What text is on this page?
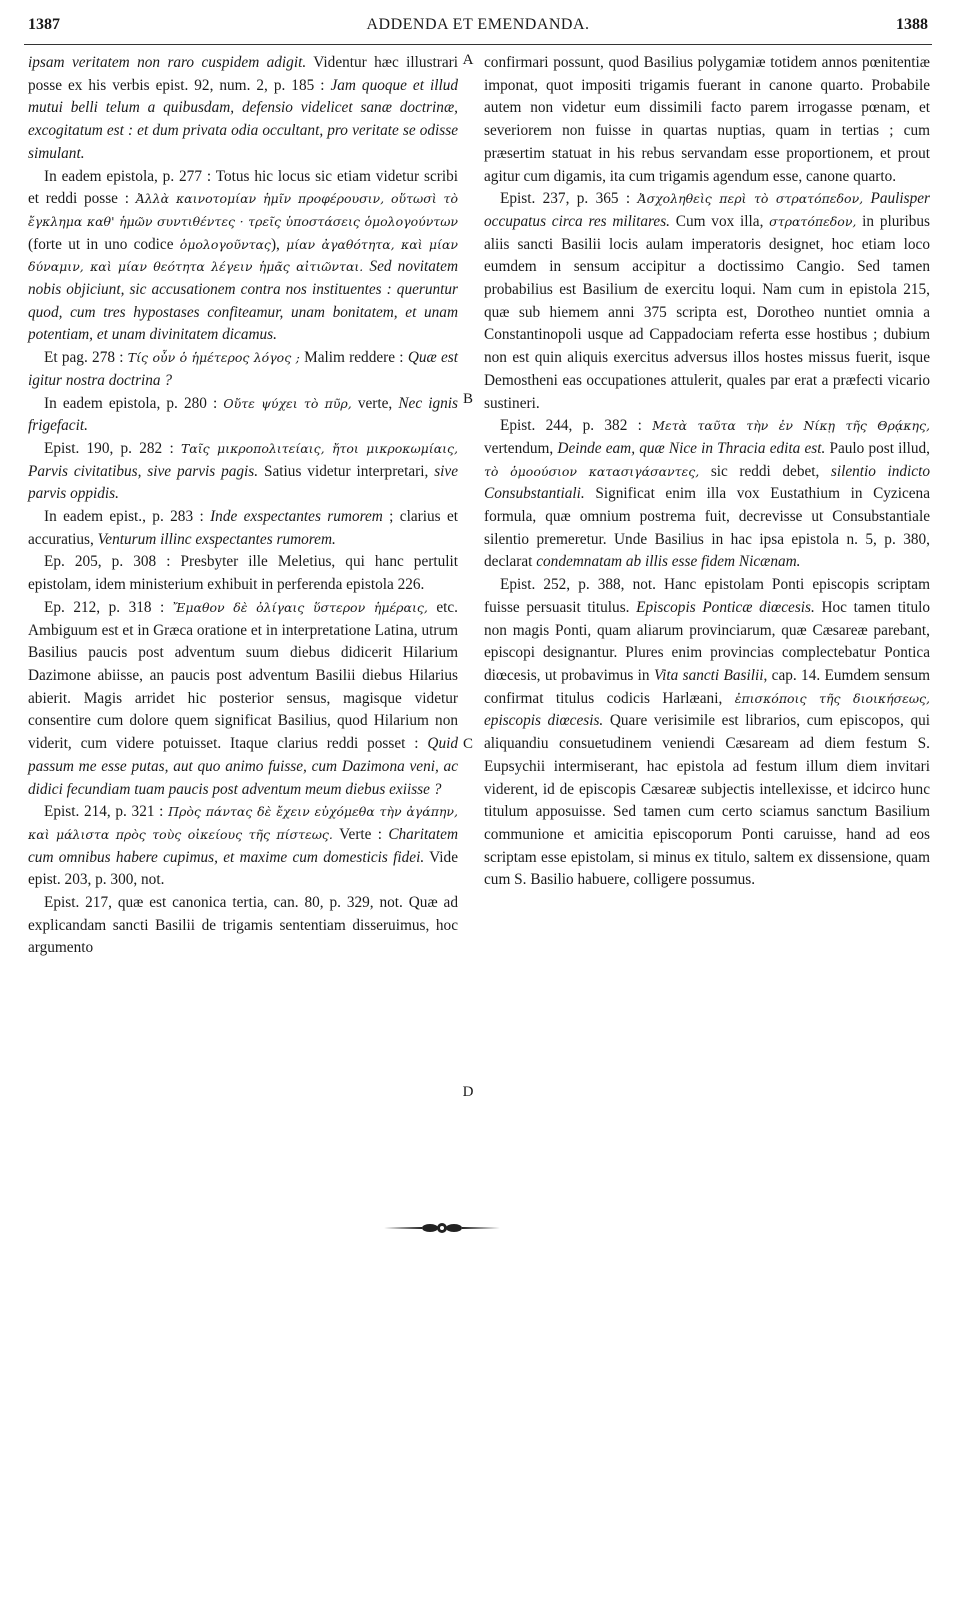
1387	ADDENDA ET EMENDANDA.	1388
A
B
C
D

ipsam veritatem non raro cuspidem adigit. Videntur hæc illustrari posse ex his verbis epist. 92, num. 2, p. 185 : Jam quoque et illud mutui belli telum a quibusdam, defensio videlicet sanæ doctrinæ, excogitatum est : et dum privata odia occultant, pro veritate se odisse simulant.

In eadem epistola, p. 277 : Totus hic locus sic etiam videtur scribi et reddi posse : Ἀλλὰ καινοτομίαν ἡμῖν προφέρουσιν, οὕτωσὶ τὸ ἔγκλημα καθ' ἡμῶν συντιθέντες · τρεῖς ὑποστάσεις ὁμολογούντων (forte ut in uno codice ὁμολογοῦντας), μίαν ἀγαθότητα, καὶ μίαν δύναμιν, καὶ μίαν θεότητα λέγειν ἡμᾶς αἰτιῶνται. Sed novitatem nobis objiciunt, sic accusationem contra nos instituentes : queruntur quod, cum tres hypostases confiteamur, unam bonitatem, et unam potentiam, et unam divinitatem dicamus.

Et pag. 278 : Τίς οὖν ὁ ἡμέτερος λόγος ; Malim reddere : Quæ est igitur nostra doctrina ?

In eadem epistola, p. 280 : Οὔτε ψύχει τὸ πῦρ, verte, Nec ignis frigefacit.

Epist. 190, p. 282 : Ταῖς μικροπολιτείαις, ἤτοι μικροκωμίαις, Parvis civitatibus, sive parvis pagis. Satius videtur interpretari, sive parvis oppidis.

In eadem epist., p. 283 : Inde exspectantes rumorem ; clarius et accuratius, Venturum illinc exspectantes rumorem.

Ep. 205, p. 308 : Presbyter ille Meletius, qui hanc pertulit epistolam, idem ministerium exhibuit in perferenda epistola 226.

Ep. 212, p. 318 : Ἔμαθον δὲ ὀλίγαις ὕστερον ἡμέραις, etc. Ambiguum est et in Græca oratione et in interpretatione Latina, utrum Basilius paucis post adventum suum diebus didicerit Hilarium Dazimone abiisse, an paucis post adventum Basilii diebus Hilarius abierit. Magis arridet hic posterior sensus, magisque videtur consentire cum dolore quem significat Basilius, quod Hilarium non viderit, cum videre potuisset. Itaque clarius reddi posset : Quid passum me esse putas, aut quo animo fuisse, cum Dazimona veni, ac didici fecundiam tuam paucis post adventum meum diebus exiisse ?

Epist. 214, p. 321 : Πρὸς πάντας δὲ ἔχειν εὐχόμεθα τὴν ἀγάπην, καὶ μάλιστα πρὸς τοὺς οἰκείους τῆς πίστεως. Verte : Charitatem cum omnibus habere cupimus, et maxime cum domesticis fidei. Vide epist. 203, p. 300, not.

Epist. 217, quæ est canonica tertia, can. 80, p. 329, not. Quæ ad explicandam sancti Basilii de trigamis sententiam disseruimus, hoc argumento

confirmari possunt, quod Basilius polygamiæ totidem annos pœnitentiæ imponat, quot impositi trigamis fuerant in canone quarto. Probabile autem non videtur eum dissimili facto parem irrogasse pœnam, et severiorem non fuisse in quartas nuptias, quam in tertias ; cum præsertim statuat in his rebus servandam esse proportionem, et prout agitur cum digamis, ita cum trigamis agendum esse, canone quarto.

Epist. 237, p. 365 : Ἀσχοληθεὶς περὶ τὸ στρατόπεδον, Paulisper occupatus circa res militares. Cum vox illa, στρατόπεδον, in pluribus aliis sancti Basilii locis aulam imperatoris designet, hoc etiam loco eumdem in sensum accipitur a doctissimo Cangio. Sed tamen probabilius est Basilium de exercitu loqui. Nam cum in epistola 215, quæ sub hiemem anni 375 scripta est, Dorotheo nuntiet omnia a Constantinopoli usque ad Cappadociam referta esse hostibus ; dubium non est quin aliquis exercitus adversus illos hostes missus fuerit, isque Demostheni eas occupationes attulerit, quales par erat a præfecti vicario sustineri.

Epist. 244, p. 382 : Μετὰ ταῦτα τὴν ἐν Νίκῃ τῆς Θρᾴκης, vertendum, Deinde eam, quæ Nice in Thracia edita est. Paulo post illud, τὸ ὁμοούσιον κατασιγάσαντες, sic reddi debet, silentio indicto Consubstantiali. Significat enim illa vox Eustathium in Cyzicena formula, quæ omnium postrema fuit, decrevisse ut Consubstantiale silentio premeretur. Unde Basilius in hac ipsa epistola n. 5, p. 380, declarat condemnatam ab illis esse fidem Nicænam.

Epist. 252, p. 388, not. Hanc epistolam Ponti episcopis scriptam fuisse persuasit titulus. Episcopis Ponticæ diœcesis. Hoc tamen titulo non magis Ponti, quam aliarum provinciarum, quæ Cæsareæ parebant, episcopi designantur. Plures enim provincias complectebatur Pontica diœcesis, ut probavimus in Vita sancti Basilii, cap. 14. Eumdem sensum confirmat titulus codicis Harlæani, ἐπισκόποις τῆς διοικήσεως, episcopis diœcesis. Quare verisimile est librarios, cum episcopos, qui aliquandiu consuetudinem veniendi Cæsaream ad diem festum S. Eupsychii intermiserant, hac epistola ad festum illum diem invitari viderent, id de episcopis Cæsareæ subjectis intellexisse, et idcirco hunc titulum apposuisse. Sed tamen cum certo sciamus sanctum Basilium communione et amicitia episcoporum Ponti caruisse, hand ad eos scriptam esse epistolam, si minus ex titulo, saltem ex dissensione, quam cum S. Basilio habuere, colligere possumus.
